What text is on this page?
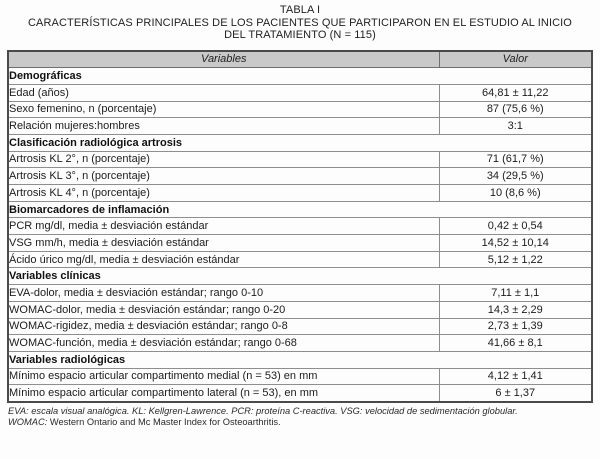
TABLA I
CARACTERÍSTICAS PRINCIPALES DE LOS PACIENTES QUE PARTICIPARON EN EL ESTUDIO AL INICIO
DEL TRATAMIENTO (N = 115)
Variables	Valor
Demográficas	
Edad (años)	64,81 ± 11,22
Sexo femenino, n (porcentaje)	87 (75,6 %)
Relación mujeres:hombres	3:1
Clasificación radiológica artrosis	
Artrosis KL 2°, n (porcentaje)	71 (61,7 %)
Artrosis KL 3°, n (porcentaje)	34 (29,5 %)
Artrosis KL 4°, n (porcentaje)	10 (8,6 %)
Biomarcadores de inflamación	
PCR mg/dl, media ± desviación estándar	0,42 ± 0,54
VSG mm/h, media ± desviación estándar	14,52 ± 10,14
Ácido úrico mg/dl, media ± desviación estándar	5,12 ± 1,22
Variables clínicas	
EVA-dolor, media ± desviación estándar; rango 0-10	7,11 ± 1,1
WOMAC-dolor, media ± desviación estándar; rango 0-20	14,3 ± 2,29
WOMAC-rigidez, media ± desviación estándar; rango 0-8	2,73 ± 1,39
WOMAC-función, media ± desviación estándar; rango 0-68	41,66 ± 8,1
Variables radiológicas	
Mínimo espacio articular compartimento medial (n = 53) en mm	4,12 ± 1,41
Mínimo espacio articular compartimento lateral (n = 53), en mm	6 ± 1,37
EVA: escala visual analógica. KL: Kellgren-Lawrence. PCR: proteína C-reactiva. VSG: velocidad de sedimentación globular.
WOMAC: Western Ontario and Mc Master Index for Osteoarthritis.
